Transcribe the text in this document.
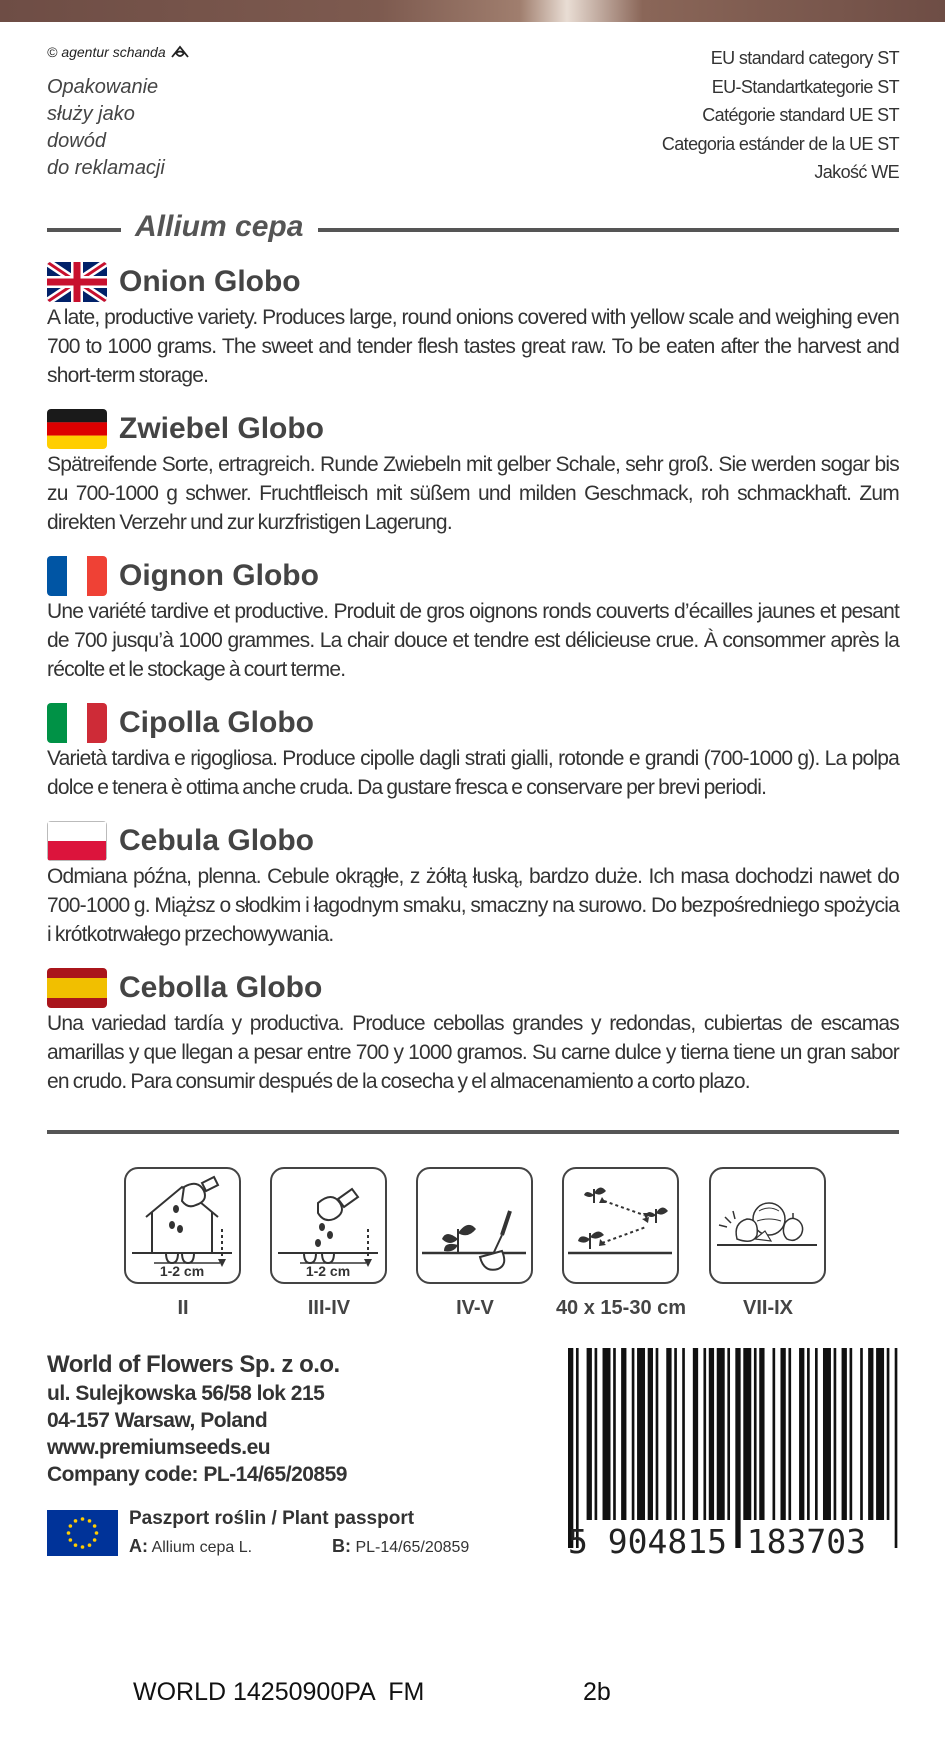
© agentur schanda
Opakowanie
służy jako
dowód
do reklamacji
EU standard category ST
EU-Standartkategorie ST
Catégorie standard UE ST
Categoria estánder de la UE ST
Jakość WE
Allium cepa
Onion Globo
A late, productive variety. Produces large, round onions covered with yellow scale and weighing even 700 to 1000 grams. The sweet and tender flesh tastes great raw. To be eaten after the harvest and short-term storage.
Zwiebel Globo
Spätreifende Sorte, ertragreich. Runde Zwiebeln mit gelber Schale, sehr groß. Sie werden sogar bis zu 700-1000 g schwer. Fruchtfleisch mit süßem und milden Geschmack, roh schmackhaft. Zum direkten Verzehr und zur kurzfristigen Lagerung.
Oignon Globo
Une variété tardive et productive. Produit de gros oignons ronds couverts d’écailles jaunes et pesant de 700 jusqu’à 1000 grammes. La chair douce et tendre est délicieuse crue. À consommer après la récolte et le stockage à court terme.
Cipolla Globo
Varietà tardiva e rigogliosa. Produce cipolle dagli strati gialli, rotonde e grandi (700-1000 g). La polpa dolce e tenera è ottima anche cruda. Da gustare fresca e conservare per brevi periodi.
Cebula Globo
Odmiana późna, plenna. Cebule okrągłe, z żółtą łuską, bardzo duże. Ich masa dochodzi nawet do 700-1000 g. Miąższ o słodkim i łagodnym smaku, smaczny na surowo. Do bezpośredniego spożycia i krótkotrwałego przechowywania.
Cebolla Globo
Una variedad tardía y productiva. Produce cebollas grandes y redondas, cubiertas de escamas amarillas y que llegan a pesar entre 700 y 1000 gramos. Su carne dulce y tierna tiene un gran sabor en crudo. Para consumir después de la cosecha y el almacenamiento a corto plazo.
1-2 cm
II
1-2 cm
III-IV	IV-V	40 x 15-30 cm	VII-IX
World of Flowers Sp. z o.o.
ul. Sulejkowska 56/58 lok 215
04-157 Warsaw, Poland
www.premiumseeds.eu
Company code: PL-14/65/20859
Paszport roślin / Plant passport
A: Allium cepa L.	B: PL-14/65/20859	5 904815 183703
WORLD 14250900PA  FM	2b
